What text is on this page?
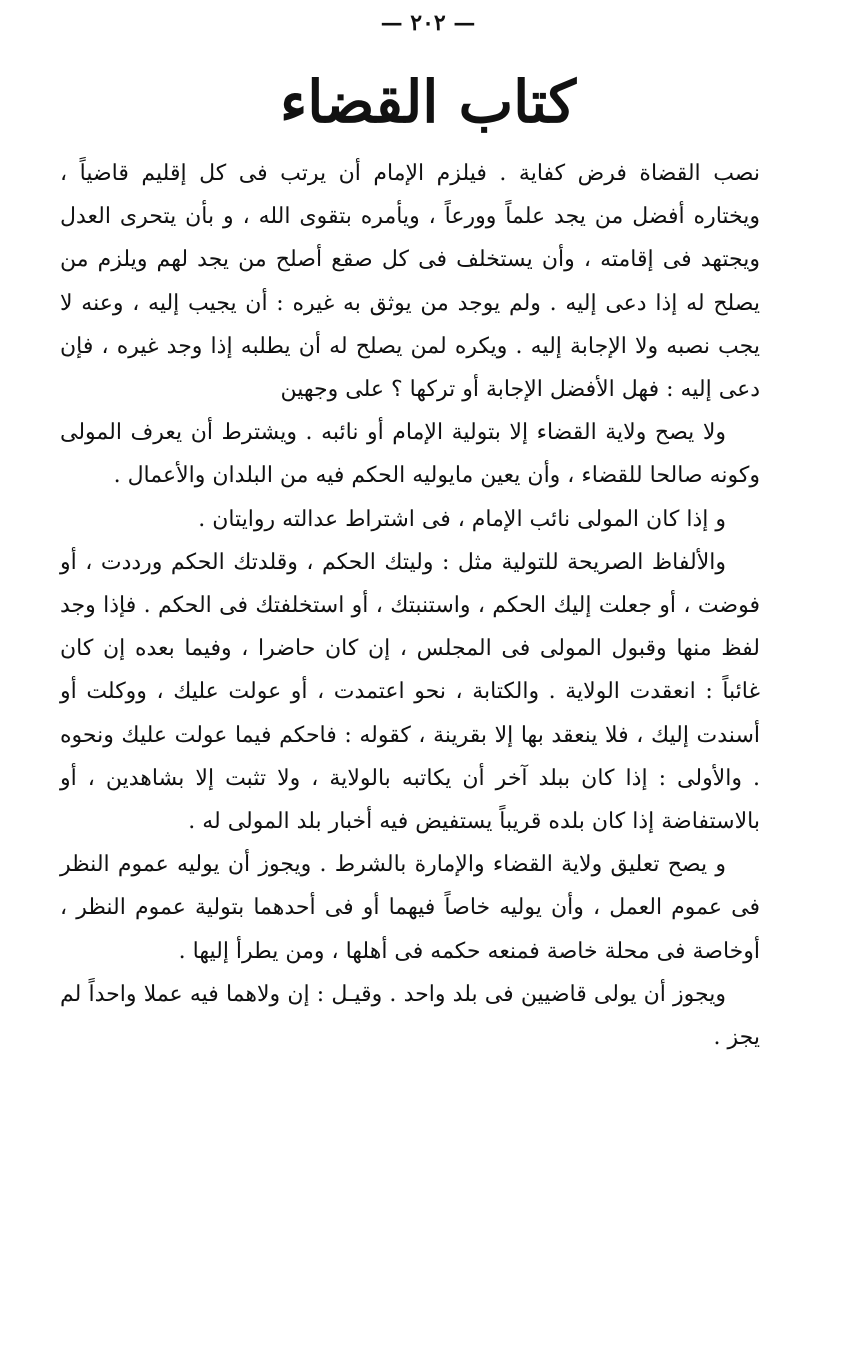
— ٢٠٢ —
كتاب القضاء

نصب القضاة فرض كفاية . فيلزم الإمام أن يرتب فى كل إقليم قاضياً ، ويختاره أفضل من يجد علماً وورعاً ، ويأمره بتقوى الله ، و بأن يتحرى العدل ويجتهد فى إقامته ، وأن يستخلف فى كل صقع أصلح من يجد لهم ويلزم من يصلح له إذا دعى إليه . ولم يوجد من يوثق به غيره : أن يجيب إليه ، وعنه لا يجب نصبه ولا الإجابة إليه . ويكره لمن يصلح له أن يطلبه إذا وجد غيره ، فإن دعى إليه : فهل الأفضل الإجابة أو تركها ؟ على وجهين

ولا يصح ولاية القضاء إلا بتولية الإمام أو نائبه . ويشترط أن يعرف المولى وكونه صالحا للقضاء ، وأن يعين مايوليه الحكم فيه من البلدان والأعمال .

و إذا كان المولى نائب الإمام ، فى اشتراط عدالته روايتان .

والألفاظ الصريحة للتولية مثل : وليتك الحكم ، وقلدتك الحكم ورددت ، أو فوضت ، أو جعلت إليك الحكم ، واستنبتك ، أو استخلفتك فى الحكم . فإذا وجد لفظ منها وقبول المولى فى المجلس ، إن كان حاضرا ، وفيما بعده إن كان غائباً : انعقدت الولاية . والكتابة ، نحو اعتمدت ، أو عولت عليك ، ووكلت أو أسندت إليك ، فلا ينعقد بها إلا بقرينة ، كقوله : فاحكم فيما عولت عليك ونحوه . والأولى : إذا كان ببلد آخر أن يكاتبه بالولاية ، ولا تثبت إلا بشاهدين ، أو بالاستفاضة إذا كان بلده قريباً يستفيض فيه أخبار بلد المولى له .

و يصح تعليق ولاية القضاء والإمارة بالشرط . ويجوز أن يوليه عموم النظر فى عموم العمل ، وأن يوليه خاصاً فيهما أو فى أحدهما بتولية عموم النظر ، أوخاصة فى محلة خاصة فمنعه حكمه فى أهلها ، ومن يطرأ إليها .

ويجوز أن يولى قاضيين فى بلد واحد . وقيـل : إن ولاهما فيه عملا واحداً لم يجز .
